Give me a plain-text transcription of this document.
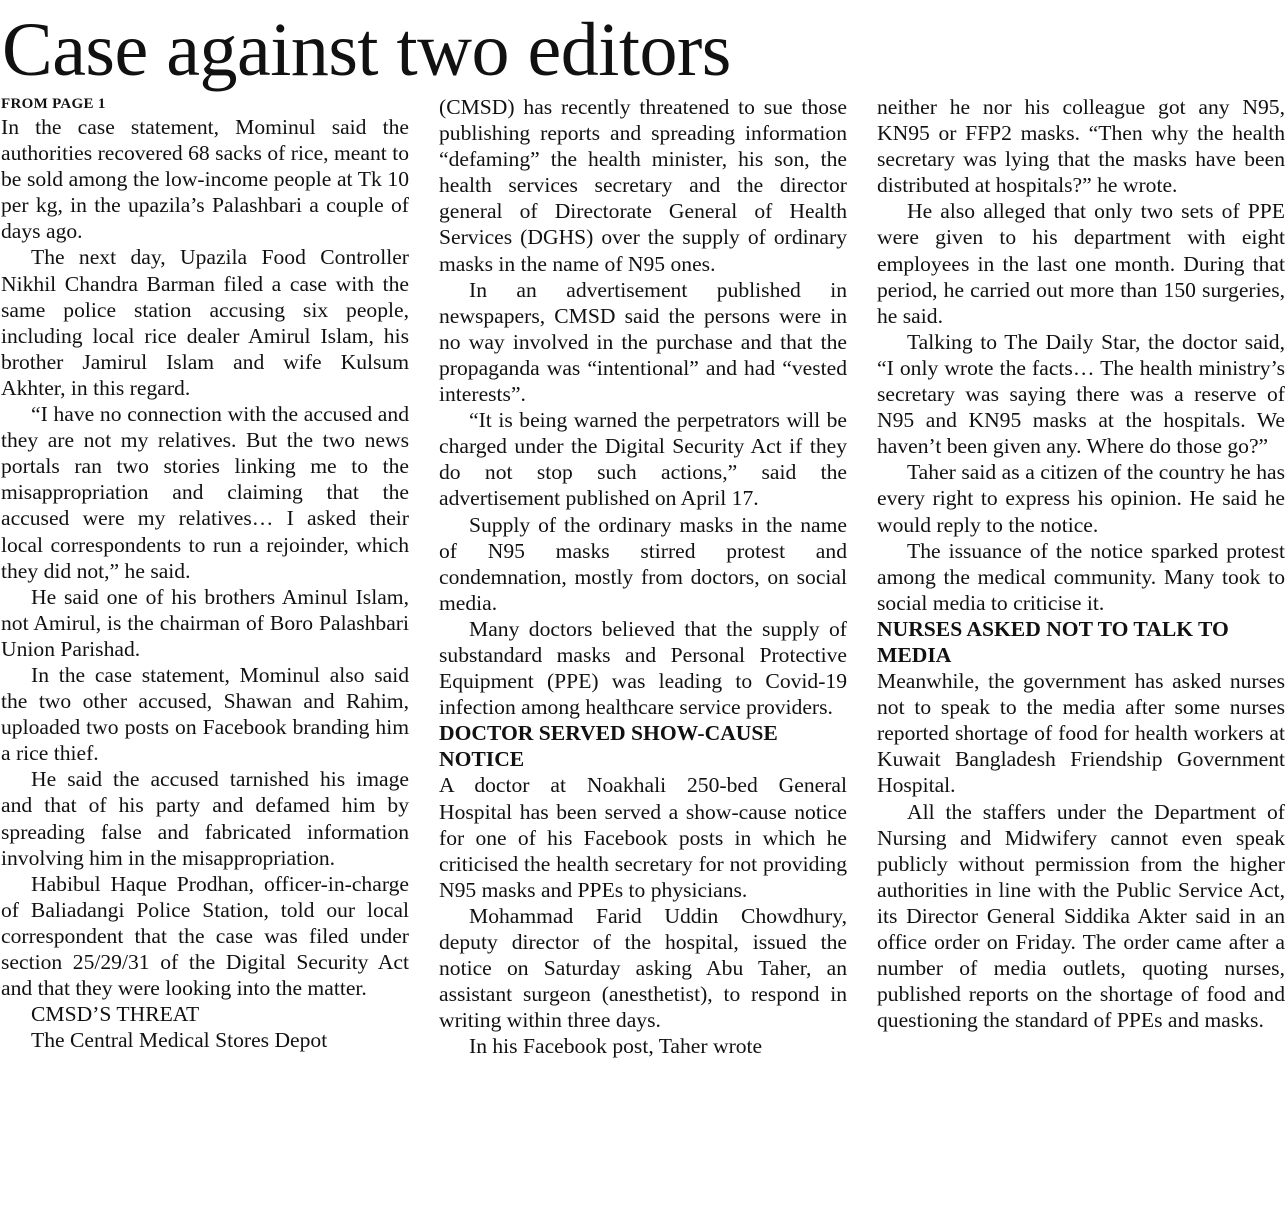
Case against two editors
FROM PAGE 1

In the case statement, Mominul said the authorities recovered 68 sacks of rice, meant to be sold among the low-income people at Tk 10 per kg, in the upazila’s Palashbari a couple of days ago.

The next day, Upazila Food Controller Nikhil Chandra Barman filed a case with the same police station accusing six people, including local rice dealer Amirul Islam, his brother Jamirul Islam and wife Kulsum Akhter, in this regard.

“I have no connection with the accused and they are not my relatives. But the two news portals ran two stories linking me to the misappropriation and claiming that the accused were my relatives… I asked their local correspondents to run a rejoinder, which they did not,” he said.

He said one of his brothers Aminul Islam, not Amirul, is the chairman of Boro Palashbari Union Parishad.

In the case statement, Mominul also said the two other accused, Shawan and Rahim, uploaded two posts on Facebook branding him a rice thief.

He said the accused tarnished his image and that of his party and defamed him by spreading false and fabricated information involving him in the misappropriation.

Habibul Haque Prodhan, officer-in-charge of Baliadangi Police Station, told our local correspondent that the case was filed under section 25/29/31 of the Digital Security Act and that they were looking into the matter.

CMSD’S THREAT

The Central Medical Stores Depot

(CMSD) has recently threatened to sue those publishing reports and spreading information “defaming” the health minister, his son, the health services secretary and the director general of Directorate General of Health Services (DGHS) over the supply of ordinary masks in the name of N95 ones.

In an advertisement published in newspapers, CMSD said the persons were in no way involved in the purchase and that the propaganda was “intentional” and had “vested interests”.

“It is being warned the perpetrators will be charged under the Digital Security Act if they do not stop such actions,” said the advertisement published on April 17.

Supply of the ordinary masks in the name of N95 masks stirred protest and condemnation, mostly from doctors, on social media.

Many doctors believed that the supply of substandard masks and Personal Protective Equipment (PPE) was leading to Covid-19 infection among healthcare service providers.

DOCTOR SERVED SHOW-CAUSE NOTICE

A doctor at Noakhali 250-bed General Hospital has been served a show-cause notice for one of his Facebook posts in which he criticised the health secretary for not providing N95 masks and PPEs to physicians.

Mohammad Farid Uddin Chowdhury, deputy director of the hospital, issued the notice on Saturday asking Abu Taher, an assistant surgeon (anesthetist), to respond in writing within three days.

In his Facebook post, Taher wrote

neither he nor his colleague got any N95, KN95 or FFP2 masks. “Then why the health secretary was lying that the masks have been distributed at hospitals?” he wrote.

He also alleged that only two sets of PPE were given to his department with eight employees in the last one month. During that period, he carried out more than 150 surgeries, he said.

Talking to The Daily Star, the doctor said, “I only wrote the facts… The health ministry’s secretary was saying there was a reserve of N95 and KN95 masks at the hospitals. We haven’t been given any. Where do those go?”

Taher said as a citizen of the country he has every right to express his opinion. He said he would reply to the notice.

The issuance of the notice sparked protest among the medical community. Many took to social media to criticise it.

NURSES ASKED NOT TO TALK TO MEDIA

Meanwhile, the government has asked nurses not to speak to the media after some nurses reported shortage of food for health workers at Kuwait Bangladesh Friendship Government Hospital.

All the staffers under the Department of Nursing and Midwifery cannot even speak publicly without permission from the higher authorities in line with the Public Service Act, its Director General Siddika Akter said in an office order on Friday. The order came after a number of media outlets, quoting nurses, published reports on the shortage of food and questioning the standard of PPEs and masks.
